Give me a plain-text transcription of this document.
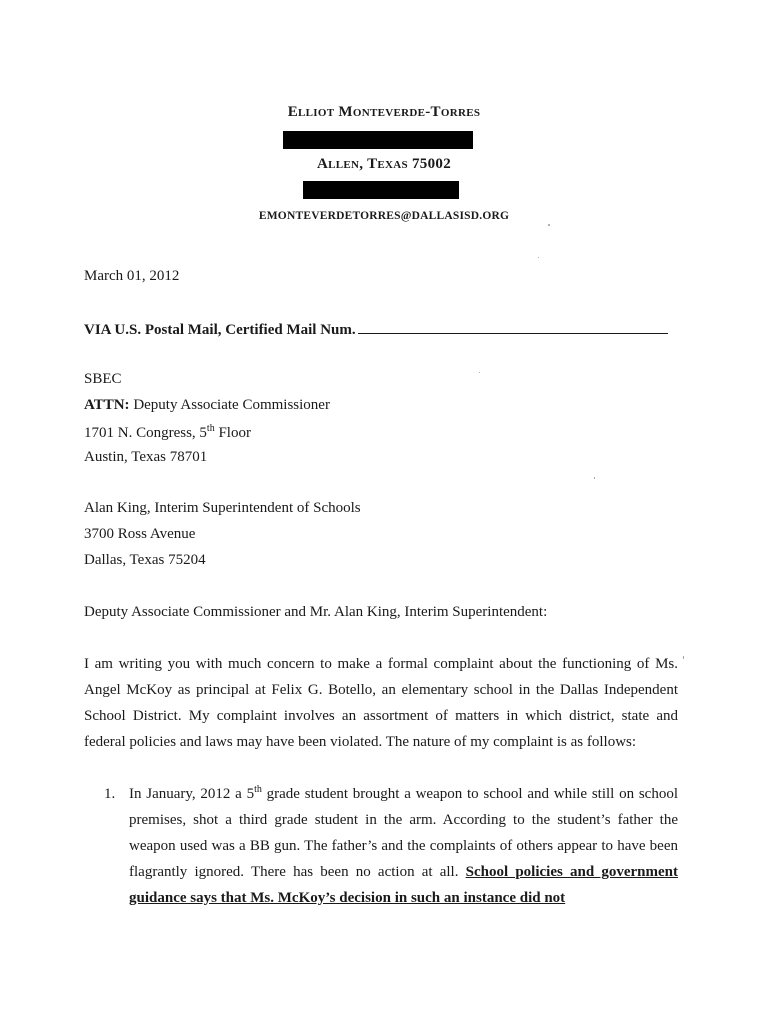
Elliot Monteverde-Torres
Allen, Texas 75002
EMONTEVERDETORRES@DALLASISD.ORG
March 01, 2012
VIA U.S. Postal Mail, Certified Mail Num.
SBEC
ATTN: Deputy Associate Commissioner
1701 N. Congress, 5th Floor
Austin, Texas 78701
Alan King, Interim Superintendent of Schools
3700 Ross Avenue
Dallas, Texas 75204
Deputy Associate Commissioner and Mr. Alan King, Interim Superintendent:
I am writing you with much concern to make a formal complaint about the functioning of Ms. Angel McKoy as principal at Felix G. Botello, an elementary school in the Dallas Independent School District. My complaint involves an assortment of matters in which district, state and federal policies and laws may have been violated. The nature of my complaint is as follows:
1. In January, 2012 a 5th grade student brought a weapon to school and while still on school premises, shot a third grade student in the arm. According to the student’s father the weapon used was a BB gun. The father’s and the complaints of others appear to have been flagrantly ignored. There has been no action at all. School policies and government guidance says that Ms. McKoy’s decision in such an instance did not
